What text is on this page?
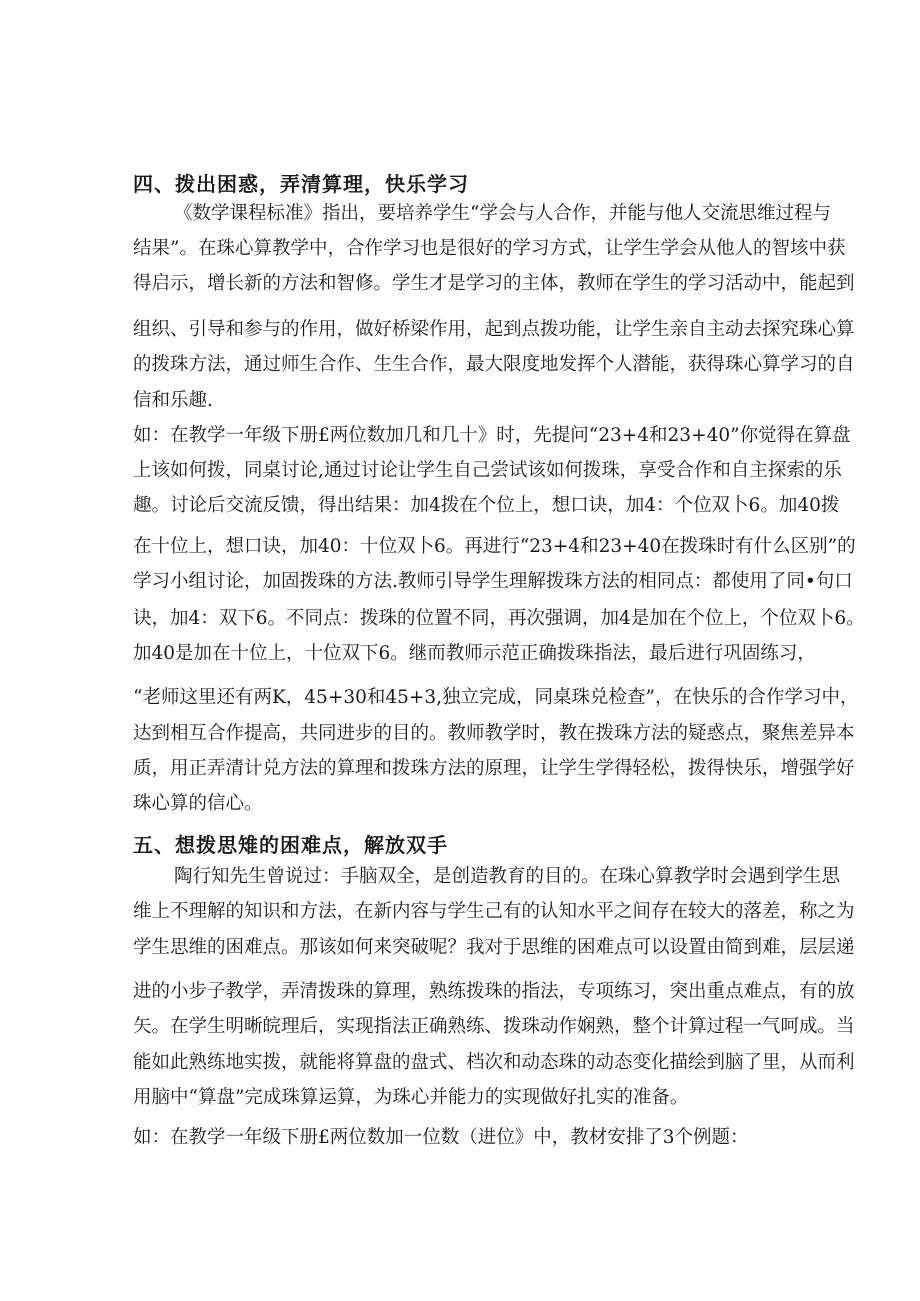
四、拨出困惑，弄清算理，快乐学习
《数学课程标准》指出，要培养学生“学会与人合作，并能与他人交流思维过程与
结果”。在珠心算教学中，合作学习也是很好的学习方式，让学生学会从他人的智垓中获
得启示，增长新的方法和智修。学生才是学习的主体，教师在学生的学习活动中，能起到
组织、引导和参与的作用，做好桥梁作用，起到点拨功能，让学生亲自主动去探究珠心算
的拨珠方法，通过师生合作、生生合作，最大限度地发挥个人潜能，获得珠心算学习的自
信和乐趣.
如：在教学一年级下册£两位数加几和几十》时，先提问“23+4和23+40”你觉得在算盘
上该如何拨，同桌讨论,通过讨论让学生自己尝试该如何拨珠，享受合作和自主探索的乐
趣。讨论后交流反馈，得出结果：加4拨在个位上，想口诀，加4：个位双卜6。加40拨
在十位上，想口诀，加40：十位双卜6。再进行“23+4和23+40在拨珠时有什么区别”的
学习小组讨论，加固拨珠的方法.教师引导学生理解拨珠方法的相同点：都使用了同•句口
诀，加4：双下6。不同点：拨珠的位置不同，再次强调，加4是加在个位上，个位双卜6。
加40是加在十位上，十位双下6。继而教师示范正确拨珠指法，最后进行巩固练习，
“老师这里还有两K，45+30和45+3,独立完成，同桌珠兑检查”，在快乐的合作学习中，
达到相互合作提高，共同进步的目的。教师教学时，教在拨珠方法的疑惑点，聚焦差异本
质，用正弄清计兑方法的算理和拨珠方法的原理，让学生学得轻松，拨得快乐，增强学好
珠心算的信心。
五、想拨思雉的困难点，解放双手
陶行知先生曾说过：手脑双全，是创造教育的目的。在珠心算教学时会遇到学生思
维上不理解的知识和方法，在新内容与学生己有的认知水平之间存在较大的落差，称之为
学生思维的困难点。那该如何来突破呢？我对于思维的困难点可以设置由简到难，层层递
进的小步子教学，弄清拨珠的算理，熟练拨珠的指法，专项练习，突出重点难点，有的放
矢。在学生明晰皖理后，实现指法正确熟练、拨珠动作娴熟，整个计算过程一气呵成。当
能如此熟练地实拨，就能将算盘的盘式、档次和动态珠的动态变化描绘到脑了里，从而利
用脑中“算盘”完成珠算运算，为珠心并能力的实现做好扎实的准备。
如：在教学一年级下册£两位数加一位数（进位》中，教材安排了3个例题：
